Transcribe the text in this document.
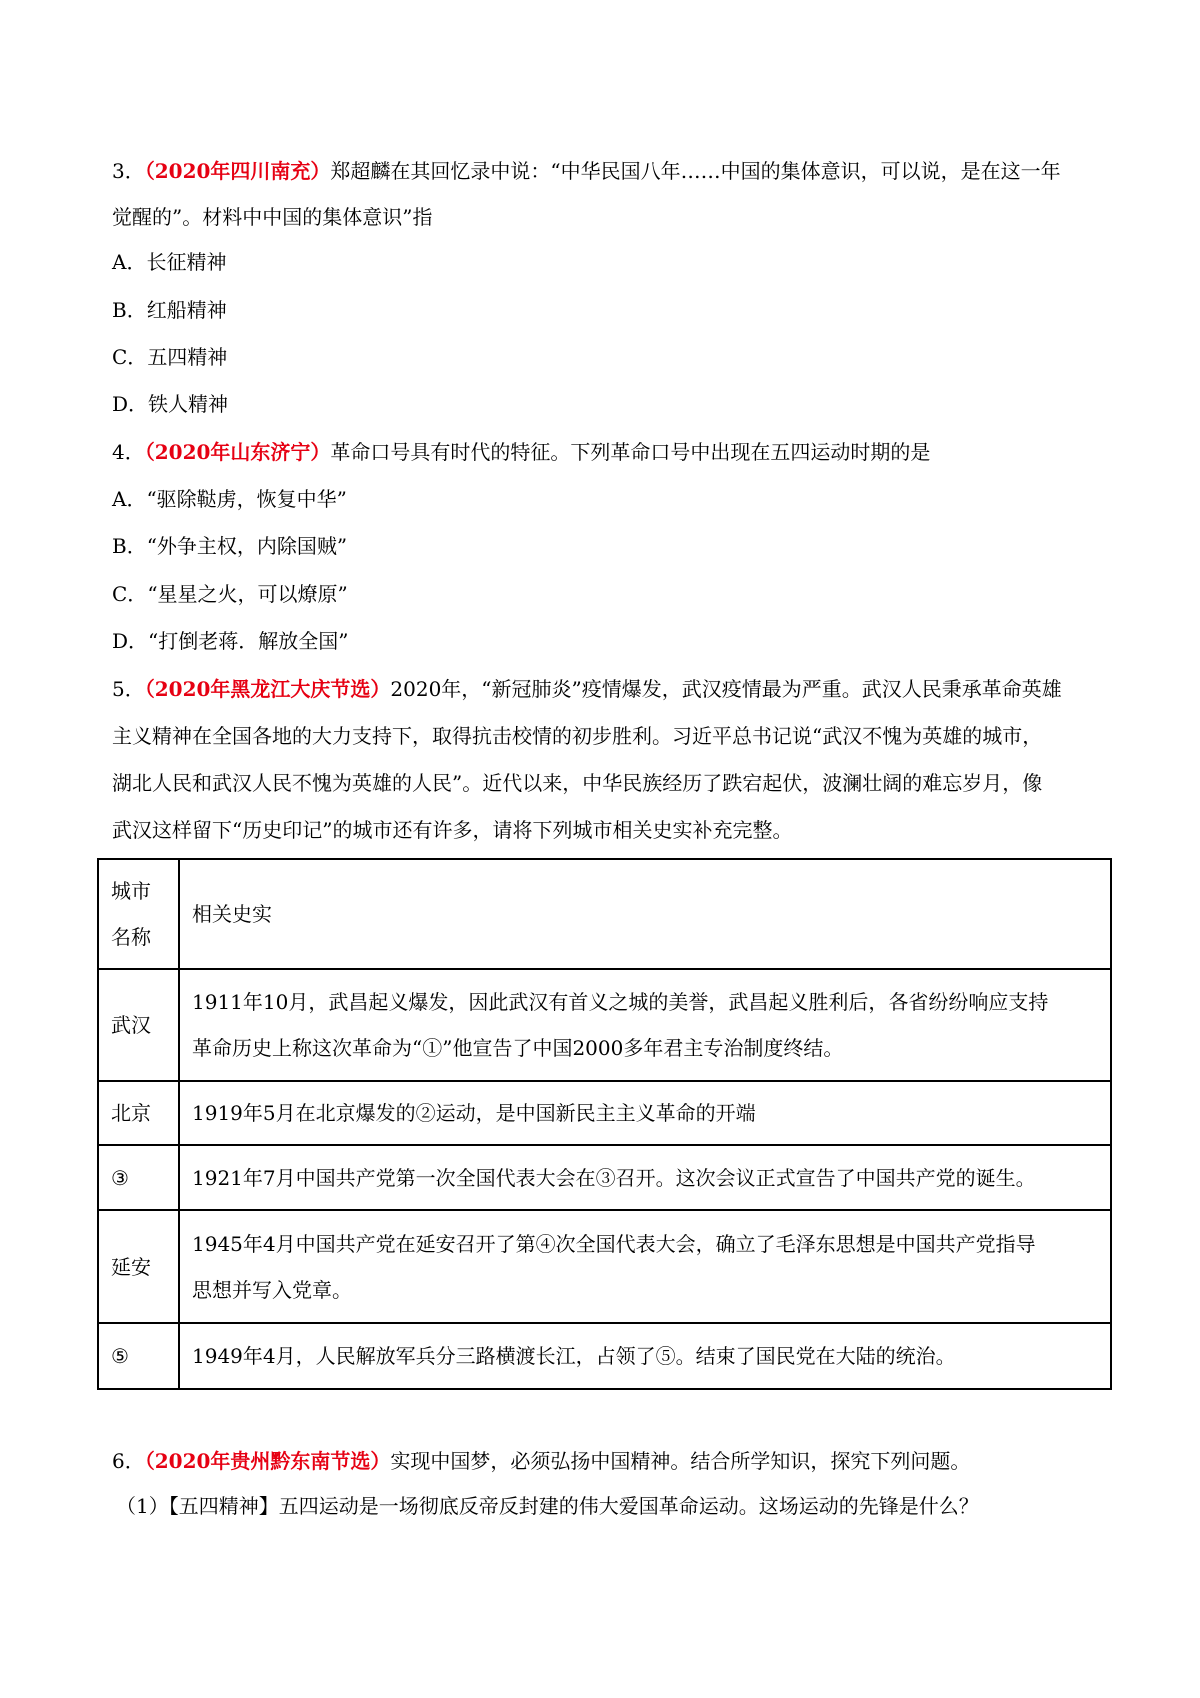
3．（2020年四川南充）郑超麟在其回忆录中说：“中华民国八年……中国的集体意识，可以说，是在这一年
觉醒的”。材料中中国的集体意识”指
A．长征精神
B．红船精神
C．五四精神
D．铁人精神
4．（2020年山东济宁）革命口号具有时代的特征。下列革命口号中出现在五四运动时期的是
A．“驱除鞑虏，恢复中华”
B．“外争主权，内除国贼”
C．“星星之火，可以燎原”
D．“打倒老蒋．解放全国”
5．（2020年黑龙江大庆节选）2020年，“新冠肺炎”疫情爆发，武汉疫情最为严重。武汉人民秉承革命英雄
主义精神在全国各地的大力支持下，取得抗击校情的初步胜利。习近平总书记说“武汉不愧为英雄的城市，
湖北人民和武汉人民不愧为英雄的人民”。近代以来，中华民族经历了跌宕起伏，波澜壮阔的难忘岁月，像
武汉这样留下“历史印记”的城市还有许多，请将下列城市相关史实补充完整。
城市
名称	相关史实
武汉	1911年10月，武昌起义爆发，因此武汉有首义之城的美誉，武昌起义胜利后，各省纷纷响应支持
革命历史上称这次革命为“①”他宣告了中国2000多年君主专治制度终结。

北京	1919年5月在北京爆发的②运动，是中国新民主主义革命的开端
③	1921年7月中国共产党第一次全国代表大会在③召开。这次会议正式宣告了中国共产党的诞生。
延安	1945年4月中国共产党在延安召开了第④次全国代表大会，确立了毛泽东思想是中国共产党指导
思想并写入党章。

⑤	1949年4月，人民解放军兵分三路横渡长江，占领了⑤。结束了国民党在大陆的统治。
6．（2020年贵州黔东南节选）实现中国梦，必须弘扬中国精神。结合所学知识，探究下列问题。
（1）【五四精神】五四运动是一场彻底反帝反封建的伟大爱国革命运动。这场运动的先锋是什么？
